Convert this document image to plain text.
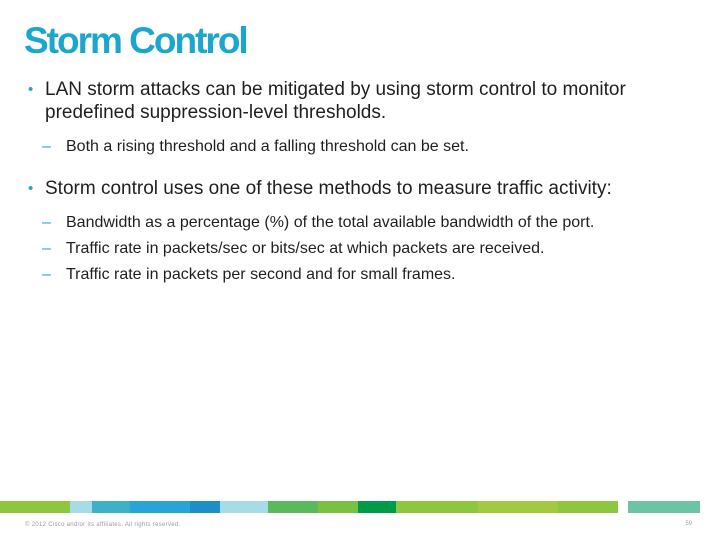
Storm Control
• LAN storm attacks can be mitigated by using storm control to monitor predefined suppression-level thresholds.
– Both a rising threshold and a falling threshold can be set.
• Storm control uses one of these methods to measure traffic activity:
– Bandwidth as a percentage (%) of the total available bandwidth of the port.
– Traffic rate in packets/sec or bits/sec at which packets are received.
– Traffic rate in packets per second and for small frames.
© 2012 Cisco and/or its affiliates. All rights reserved.	59
